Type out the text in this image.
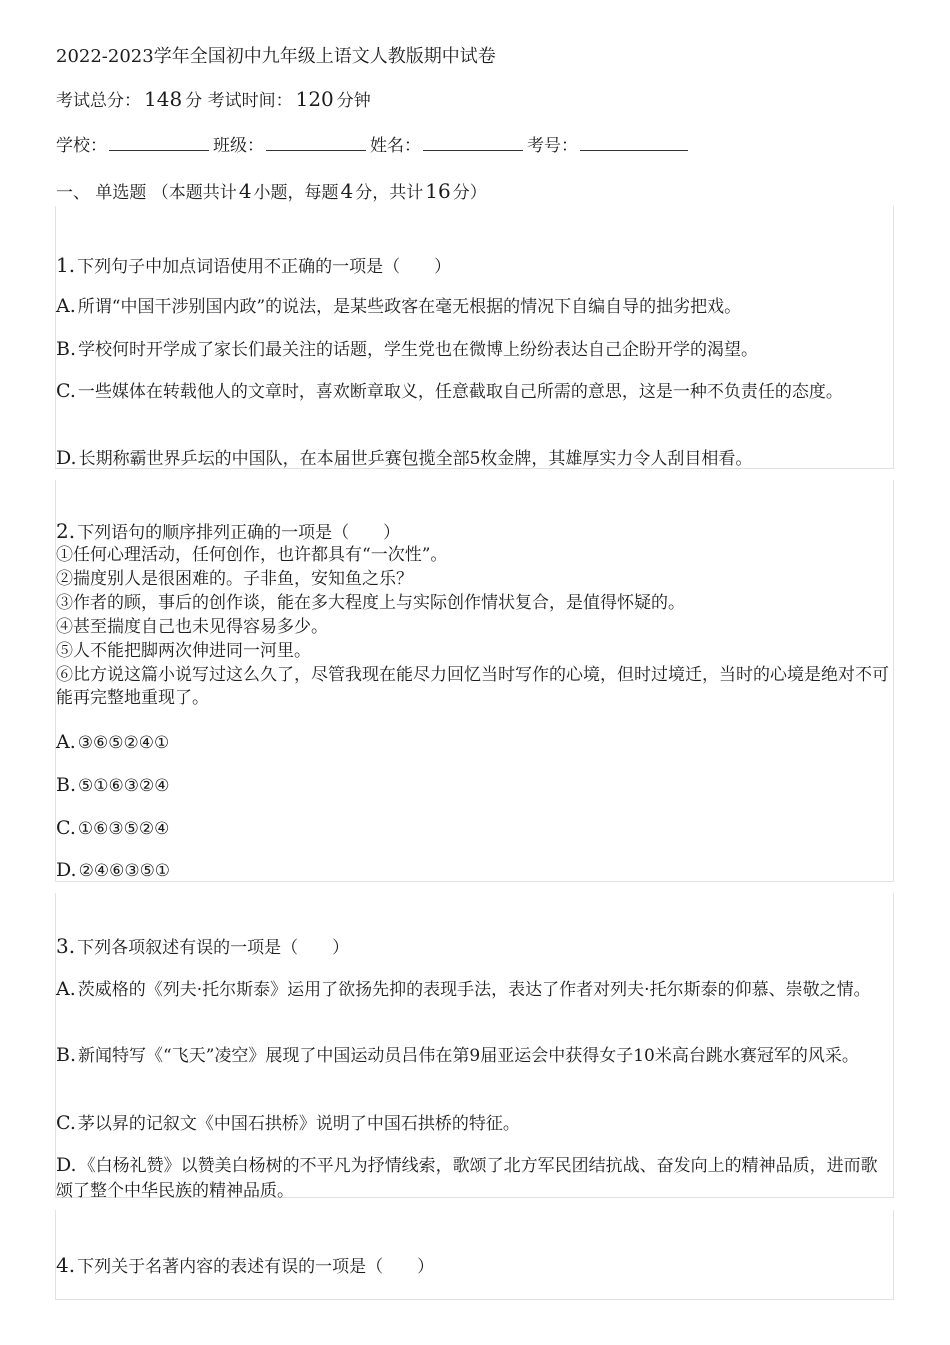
2022-2023学年全国初中九年级上语文人教版期中试卷
考试总分： 148 分 考试时间： 120 分钟
学校：	班级：	姓名：	考号：
一、 单选题 （本题共计 4 小题，每题 4 分，共计 16 分）
1. 下列句子中加点词语使用不正确的一项是（　　）
A. 所谓“中国干涉别国内政”的说法，是某些政客在毫无根据的情况下自编自导的拙劣把戏。
B. 学校何时开学成了家长们最关注的话题，学生党也在微博上纷纷表达自己企盼开学的渴望。
C. 一些媒体在转载他人的文章时，喜欢断章取义，任意截取自己所需的意思，这是一种不负责任的态度。
D. 长期称霸世界乒坛的中国队，在本届世乒赛包揽全部5枚金牌，其雄厚实力令人刮目相看。
2. 下列语句的顺序排列正确的一项是（　　）
①任何心理活动，任何创作，也许都具有“一次性”。
②揣度别人是很困难的。子非鱼，安知鱼之乐？
③作者的顾，事后的创作谈，能在多大程度上与实际创作情状复合，是值得怀疑的。
④甚至揣度自己也未见得容易多少。
⑤人不能把脚两次伸进同一河里。
⑥比方说这篇小说写过这么久了，尽管我现在能尽力回忆当时写作的心境，但时过境迁，当时的心境是绝对不可能再完整地重现了。
A. ③⑥⑤②④①
B. ⑤①⑥③②④
C. ①⑥③⑤②④
D. ②④⑥③⑤①
3. 下列各项叙述有误的一项是（　　）
A. 茨威格的《列夫·托尔斯泰》运用了欲扬先抑的表现手法，表达了作者对列夫·托尔斯泰的仰慕、崇敬之情。
B. 新闻特写《“飞天”凌空》展现了中国运动员吕伟在第9届亚运会中获得女子10米高台跳水赛冠军的风采。
C. 茅以昇的记叙文《中国石拱桥》说明了中国石拱桥的特征。
D. 《白杨礼赞》以赞美白杨树的不平凡为抒情线索，歌颂了北方军民团结抗战、奋发向上的精神品质，进而歌颂了整个中华民族的精神品质。
4. 下列关于名著内容的表述有误的一项是（　　）
